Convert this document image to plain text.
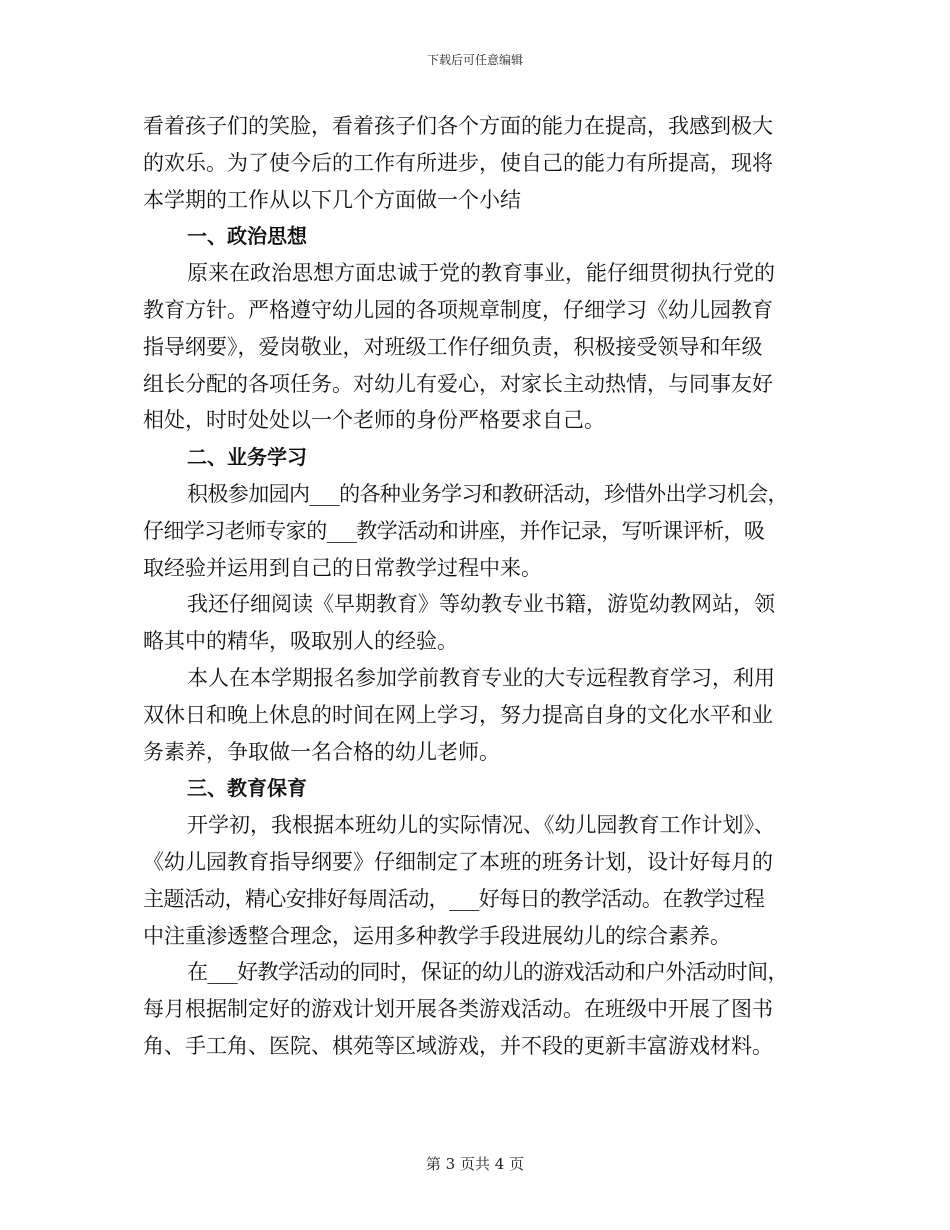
下载后可任意编辑
看着孩子们的笑脸，看着孩子们各个方面的能力在提高，我感到极大
的欢乐。为了使今后的工作有所进步，使自己的能力有所提高，现将
本学期的工作从以下几个方面做一个小结
一、政治思想
原来在政治思想方面忠诚于党的教育事业，能仔细贯彻执行党的
教育方针。严格遵守幼儿园的各项规章制度，仔细学习《幼儿园教育
指导纲要》，爱岗敬业，对班级工作仔细负责，积极接受领导和年级
组长分配的各项任务。对幼儿有爱心，对家长主动热情，与同事友好
相处，时时处处以一个老师的身份严格要求自己。
二、业务学习
积极参加园内___的各种业务学习和教研活动，珍惜外出学习机会，
仔细学习老师专家的___教学活动和讲座，并作记录，写听课评析，吸
取经验并运用到自己的日常教学过程中来。
我还仔细阅读《早期教育》等幼教专业书籍，游览幼教网站，领
略其中的精华，吸取别人的经验。
本人在本学期报名参加学前教育专业的大专远程教育学习，利用
双休日和晚上休息的时间在网上学习，努力提高自身的文化水平和业
务素养，争取做一名合格的幼儿老师。
三、教育保育
开学初，我根据本班幼儿的实际情况、《幼儿园教育工作计划》、
《幼儿园教育指导纲要》仔细制定了本班的班务计划，设计好每月的
主题活动，精心安排好每周活动，___好每日的教学活动。在教学过程
中注重渗透整合理念，运用多种教学手段进展幼儿的综合素养。
在___好教学活动的同时，保证的幼儿的游戏活动和户外活动时间，
每月根据制定好的游戏计划开展各类游戏活动。在班级中开展了图书
角、手工角、医院、棋苑等区域游戏，并不段的更新丰富游戏材料。
第 3 页共 4 页
